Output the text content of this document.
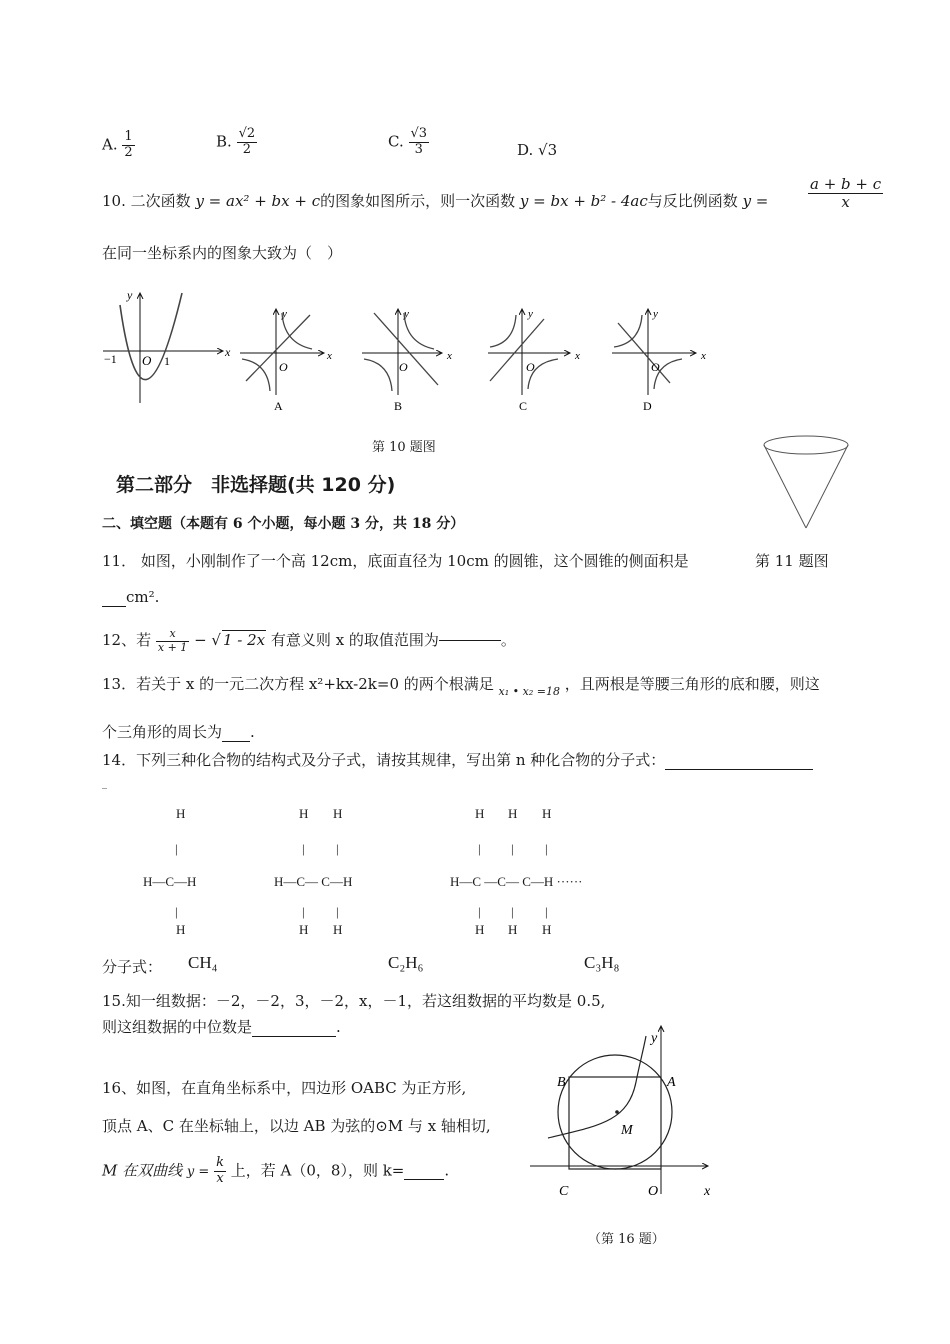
A. $\frac{1}{2}$	B. $\frac{√2}{2}$	C. $\frac{√3}{3}$	D. √3
10. 二次函数 y = ax² + bx + c的图象如图所示，则一次函数 y = bx + b² - 4ac与反比例函数 y =	$\frac{a + b + c}{x}$
在同一坐标系内的图象大致为（　）
−1 O 1
x
y
O
x
y
A
O
x
y
B
O
x
y
C
O
x
y
D
第 10 题图
第二部分　非选择题(共 120 分)
二、填空题（本题有 6 个小题，每小题 3 分，共 18 分）
11． 如图，小刚制作了一个高 12cm，底面直径为 10cm 的圆锥，这个圆锥的侧面积是	第 11 题图
cm².
12、若 $\frac{x}{x + 1}$ − √ 1 - 2x 有意义则 x 的取值范围为	。
13．若关于 x 的一元二次方程 x²+kx-2k=0 的两个根满足 $_{x_1 • x_2 =18}$ ，且两根是等腰三角形的底和腰，则这
个三角形的周长为 .
14．下列三种化合物的结构式及分子式，请按其规律，写出第 n 种化合物的分子式：
_
H
|
H—C—H
|
H
H H
| |
H—C— C—H
| |
H H
H H H
| | |
H—C —C— C—H ······
| | |
H H H
分子式： CH₄	C₂H₆	C₃H₈
15.知一组数据：－2，－2，3，－2，x，－1，若这组数据的平均数是 0.5,
则这组数据的中位数是	.
16、如图，在直角坐标系中，四边形 OABC 为正方形,
顶点 A、C 在坐标轴上，以边 AB 为弦的⊙M 与 x 轴相切,
M 在双曲线 $y = \frac{k}{x}$ 上，若 A（0，8），则 k=	.
y
A
B
M
C	O	x
（第 16 题）
